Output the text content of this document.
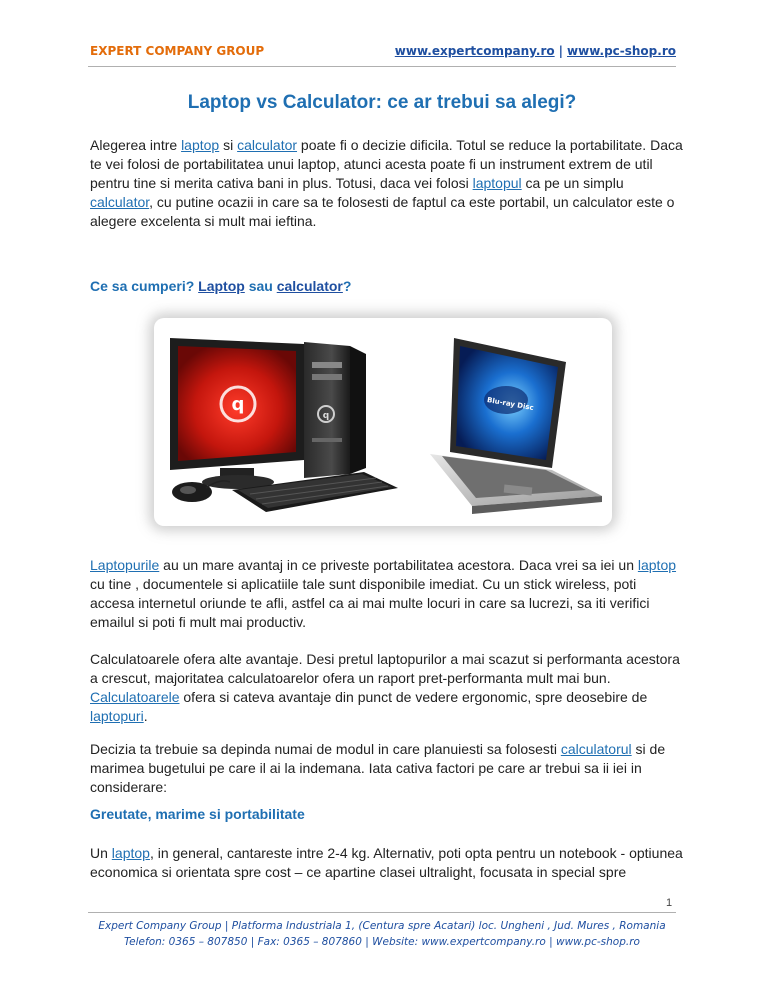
EXPERT COMPANY GROUP	www.expertcompany.ro | www.pc-shop.ro
Laptop vs Calculator: ce ar trebui sa alegi?

Alegerea intre laptop si calculator poate fi o decizie dificila. Totul se reduce la portabilitate. Daca te vei folosi de portabilitatea unui laptop, atunci acesta poate fi un instrument extrem de util pentru tine si merita cativa bani in plus. Totusi, daca vei folosi laptopul ca pe un simplu calculator, cu putine ocazii in care sa te folosesti de faptul ca este portabil, un calculator este o alegere excelenta si mult mai ieftina.

Ce sa cumperi? Laptop sau calculator?
q
q
Blu-ray Disc

Laptopurile au un mare avantaj in ce priveste portabilitatea acestora. Daca vrei sa iei un laptop cu tine , documentele si aplicatiile tale sunt disponibile imediat. Cu un stick wireless, poti accesa internetul oriunde te afli, astfel ca ai mai multe locuri in care sa lucrezi, sa iti verifici emailul si poti fi mult mai productiv.

Calculatoarele ofera alte avantaje. Desi pretul laptopurilor a mai scazut si performanta acestora a crescut, majoritatea calculatoarelor ofera un raport pret-performanta mult mai bun. Calculatoarele ofera si cateva avantaje din punct de vedere ergonomic, spre deosebire de laptopuri.

Decizia ta trebuie sa depinda numai de modul in care planuiesti sa folosesti calculatorul si de marimea bugetului pe care il ai la indemana. Iata cativa factori pe care ar trebui sa ii iei in considerare:

Greutate, marime si portabilitate

Un laptop, in general, cantareste intre 2-4 kg. Alternativ, poti opta pentru un notebook - optiunea economica si orientata spre cost – ce apartine clasei ultralight, focusata in special spre

1
Expert Company Group | Platforma Industriala 1, (Centura spre Acatari) loc. Ungheni , Jud. Mures , Romania
Telefon: 0365 – 807850 | Fax: 0365 – 807860 | Website: www.expertcompany.ro | www.pc-shop.ro
